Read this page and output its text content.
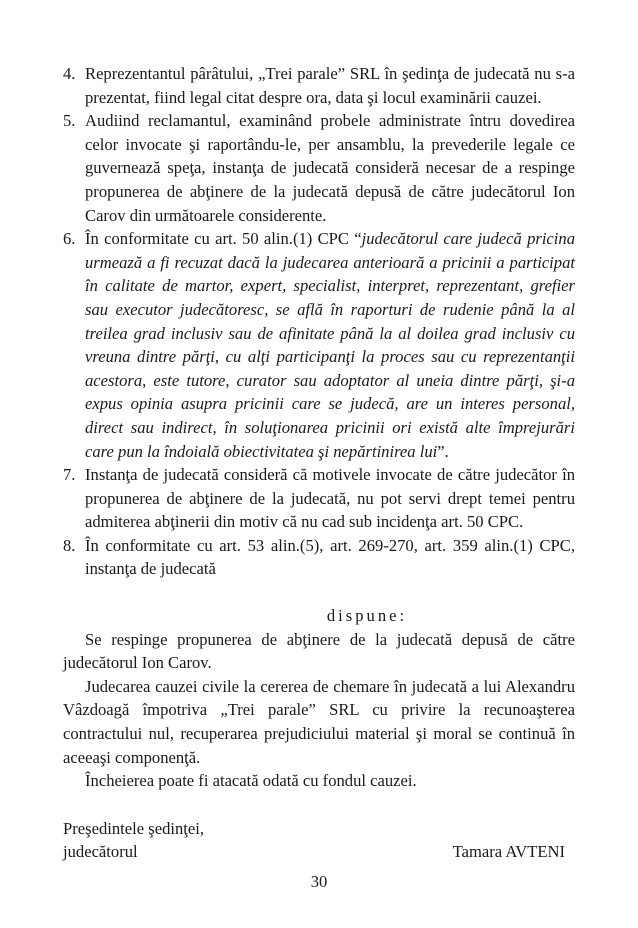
4. Reprezentantul pârâtului, „Trei parale” SRL în şedinţa de judecată nu s-a prezentat, fiind legal citat despre ora, data şi locul examinării cauzei.
5. Audiind reclamantul, examinând probele administrate întru dovedirea celor invocate şi raportându-le, per ansamblu, la prevederile legale ce guvernează speţa, instanţa de judecată consideră necesar de a respinge propunerea de abţinere de la judecată depusă de către judecătorul Ion Carov din următoarele considerente.
6. În conformitate cu art. 50 alin.(1) CPC “judecătorul care judecă pricina urmează a fi recuzat dacă la judecarea anterioară a pricinii a participat în calitate de martor, expert, specialist, interpret, reprezentant, grefier sau executor judecătoresc, se află în raporturi de rudenie până la al treilea grad inclusiv sau de afinitate până la al doilea grad inclusiv cu vreuna dintre părţi, cu alţi participanţi la proces sau cu reprezentanţii acestora, este tutore, curator sau adoptator al uneia dintre părţi, şi-a expus opinia asupra pricinii care se judecă, are un interes personal, direct sau indirect, în soluţionarea pricinii ori există alte împrejurări care pun la îndoială obiectivitatea şi nepărtinirea lui”.
7. Instanţa de judecată consideră că motivele invocate de către judecător în propunerea de abţinere de la judecată, nu pot servi drept temei pentru admiterea abţinerii din motiv că nu cad sub incidenţa art. 50 CPC.
8. În conformitate cu art. 53 alin.(5), art. 269-270, art. 359 alin.(1) CPC, instanţa de judecată
dispune:
Se respinge propunerea de abţinere de la judecată depusă de către judecătorul Ion Carov.
Judecarea cauzei civile la cererea de chemare în judecată a lui Alexandru Vâzdoagă împotriva „Trei parale” SRL cu privire la recunoaşterea contractului nul, recuperarea prejudiciului material şi moral se continuă în aceeaşi componenţă.
Încheierea poate fi atacată odată cu fondul cauzei.
Preşedintele şedinţei,
judecătorul	Tamara AVTENI
30
